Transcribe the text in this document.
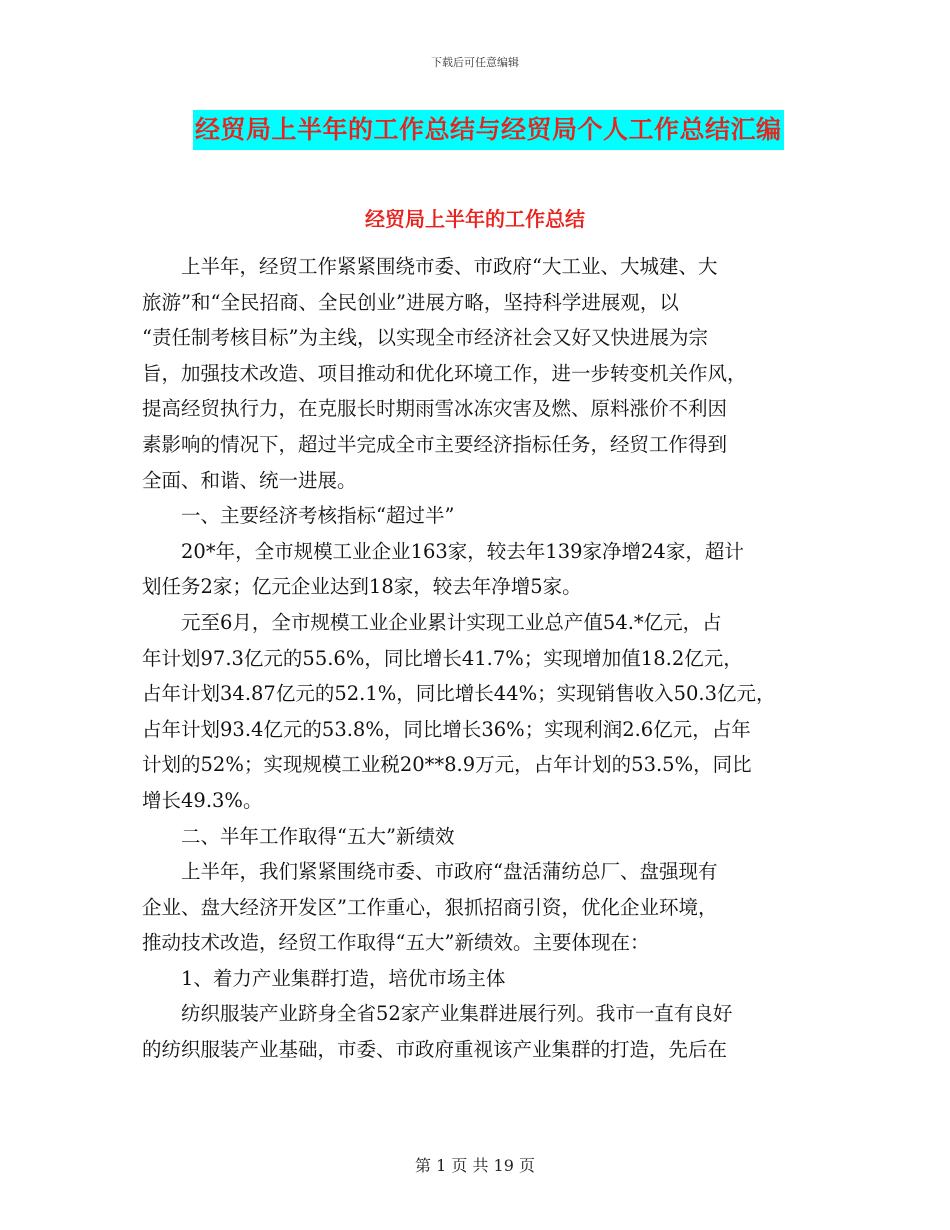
下载后可任意编辑
经贸局上半年的工作总结与经贸局个人工作总结汇编
经贸局上半年的工作总结

上半年，经贸工作紧紧围绕市委、市政府“大工业、大城建、大
旅游”和“全民招商、全民创业”进展方略，坚持科学进展观，以
“责任制考核目标”为主线，以实现全市经济社会又好又快进展为宗
旨，加强技术改造、项目推动和优化环境工作，进一步转变机关作风，
提高经贸执行力，在克服长时期雨雪冰冻灾害及燃、原料涨价不利因
素影响的情况下，超过半完成全市主要经济指标任务，经贸工作得到
全面、和谐、统一进展。

一、主要经济考核指标“超过半”

20*年，全市规模工业企业163家，较去年139家净增24家，超计
划任务2家；亿元企业达到18家，较去年净增5家。

元至6月，全市规模工业企业累计实现工业总产值54.*亿元，占
年计划97.3亿元的55.6%，同比增长41.7%；实现增加值18.2亿元，
占年计划34.87亿元的52.1%，同比增长44%；实现销售收入50.3亿元，
占年计划93.4亿元的53.8%，同比增长36%；实现利润2.6亿元，占年
计划的52%；实现规模工业税20**8.9万元，占年计划的53.5%，同比
增长49.3%。

二、半年工作取得“五大”新绩效

上半年，我们紧紧围绕市委、市政府“盘活蒲纺总厂、盘强现有
企业、盘大经济开发区”工作重心，狠抓招商引资，优化企业环境，
推动技术改造，经贸工作取得“五大”新绩效。主要体现在：

1、着力产业集群打造，培优市场主体

纺织服装产业跻身全省52家产业集群进展行列。我市一直有良好
的纺织服装产业基础，市委、市政府重视该产业集群的打造，先后在

第 1 页 共 19 页
